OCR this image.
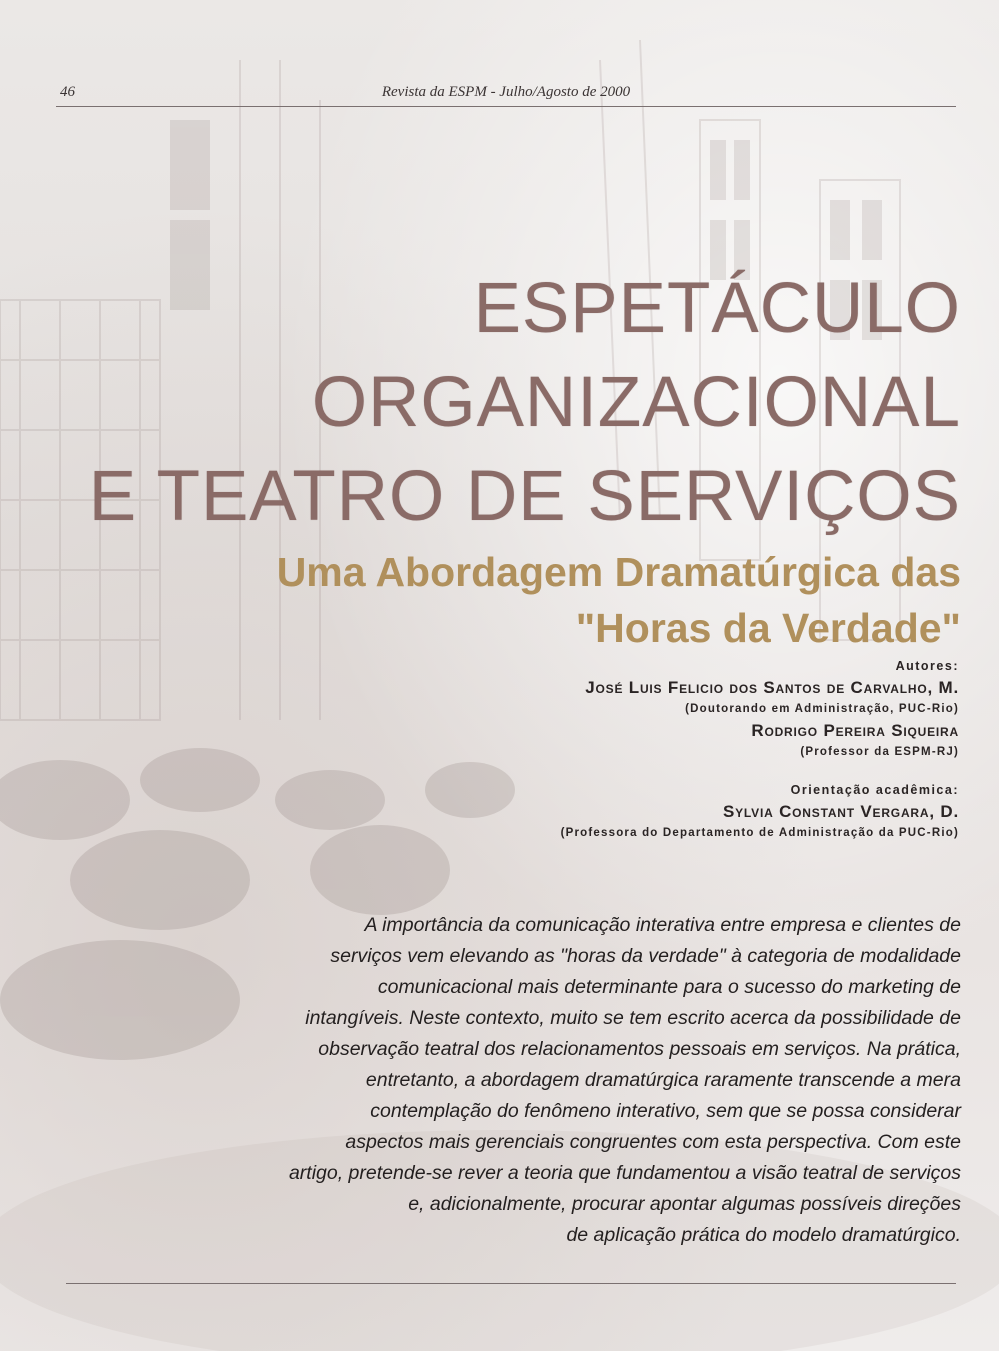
46	Revista da ESPM - Julho/Agosto de 2000
ESPETÁCULO
ORGANIZACIONAL
E TEATRO DE SERVIÇOS
Uma Abordagem Dramatúrgica das
"Horas da Verdade"
Autores:
José Luis Felicio dos Santos de Carvalho, M.
(Doutorando em Administração, PUC-Rio)
Rodrigo Pereira Siqueira
(Professor da ESPM-RJ)
Orientação acadêmica:
Sylvia Constant Vergara, D.
(Professora do Departamento de Administração da PUC-Rio)
A importância da comunicação interativa entre empresa e clientes de
serviços vem elevando as "horas da verdade" à categoria de modalidade
comunicacional mais determinante para o sucesso do marketing de
intangíveis. Neste contexto, muito se tem escrito acerca da possibilidade de
observação teatral dos relacionamentos pessoais em serviços. Na prática,
entretanto, a abordagem dramatúrgica raramente transcende a mera
contemplação do fenômeno interativo, sem que se possa considerar
aspectos mais gerenciais congruentes com esta perspectiva. Com este
artigo, pretende-se rever a teoria que fundamentou a visão teatral de serviços
e, adicionalmente, procurar apontar algumas possíveis direções
de aplicação prática do modelo dramatúrgico.
